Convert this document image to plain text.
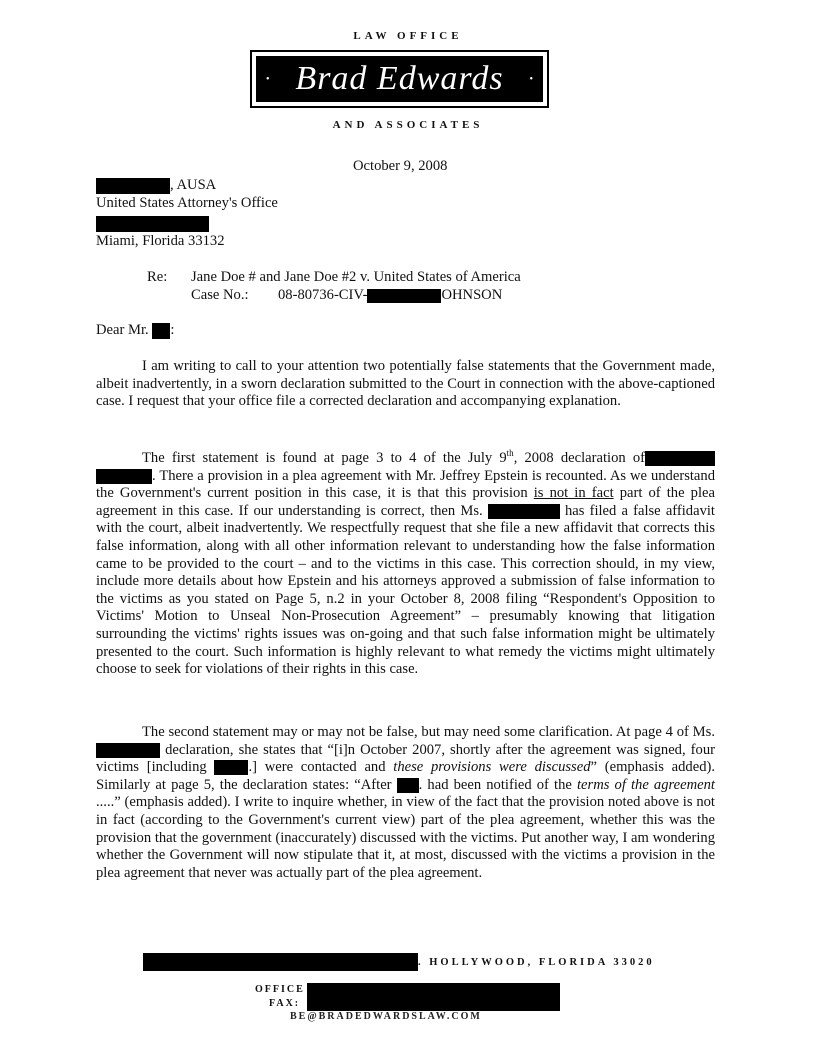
LAW OFFICE
•	•
Brad Edwards
AND ASSOCIATES
October 9, 2008
, AUSA
United States Attorney's Office
Miami, Florida 33132
Re: Jane Doe # and Jane Doe #2 v. United States of America
Case No.: 08-80736-CIV-	OHNSON
Dear Mr. :

I am writing to call to your attention two potentially false statements that the Government made, albeit inadvertently, in a sworn declaration submitted to the Court in connection with the above-captioned case. I request that your office file a corrected declaration and accompanying explanation.

The first statement is found at page 3 to 4 of the July 9th, 2008 declaration of . There a provision in a plea agreement with Mr. Jeffrey Epstein is recounted. As we understand the Government's current position in this case, it is that this provision is not in fact part of the plea agreement in this case. If our understanding is correct, then Ms.	has filed a false affidavit with the court, albeit inadvertently. We respectfully request that she file a new affidavit that corrects this false information, along with all other information relevant to understanding how the false information came to be provided to the court – and to the victims in this case. This correction should, in my view, include more details about how Epstein and his attorneys approved a submission of false information to the victims as you stated on Page 5, n.2 in your October 8, 2008 filing “Respondent's Opposition to Victims' Motion to Unseal Non-Prosecution Agreement” – presumably knowing that litigation surrounding the victims' rights issues was on-going and that such false information might be ultimately presented to the court. Such information is highly relevant to what remedy the victims might ultimately choose to seek for violations of their rights in this case.

The second statement may or may not be false, but may need some clarification. At page 4 of Ms.  declaration, she states that “[i]n October 2007, shortly after the agreement was signed, four victims [including	.] were contacted and these provisions were discussed” (emphasis added). Similarly at page 5, the declaration states: “After . had been notified of the terms of the agreement .....” (emphasis added). I write to inquire whether, in view of the fact that the provision noted above is not in fact (according to the Government's current view) part of the plea agreement, whether this was the provision that the government (inaccurately) discussed with the victims. Put another way, I am wondering whether the Government will now stipulate that it, at most, discussed with the victims a provision in the plea agreement that never was actually part of the plea agreement.

. HOLLYWOOD, FLORIDA 33020
OFFICE
FAX:
BE@BRADEDWARDSLAW.COM
